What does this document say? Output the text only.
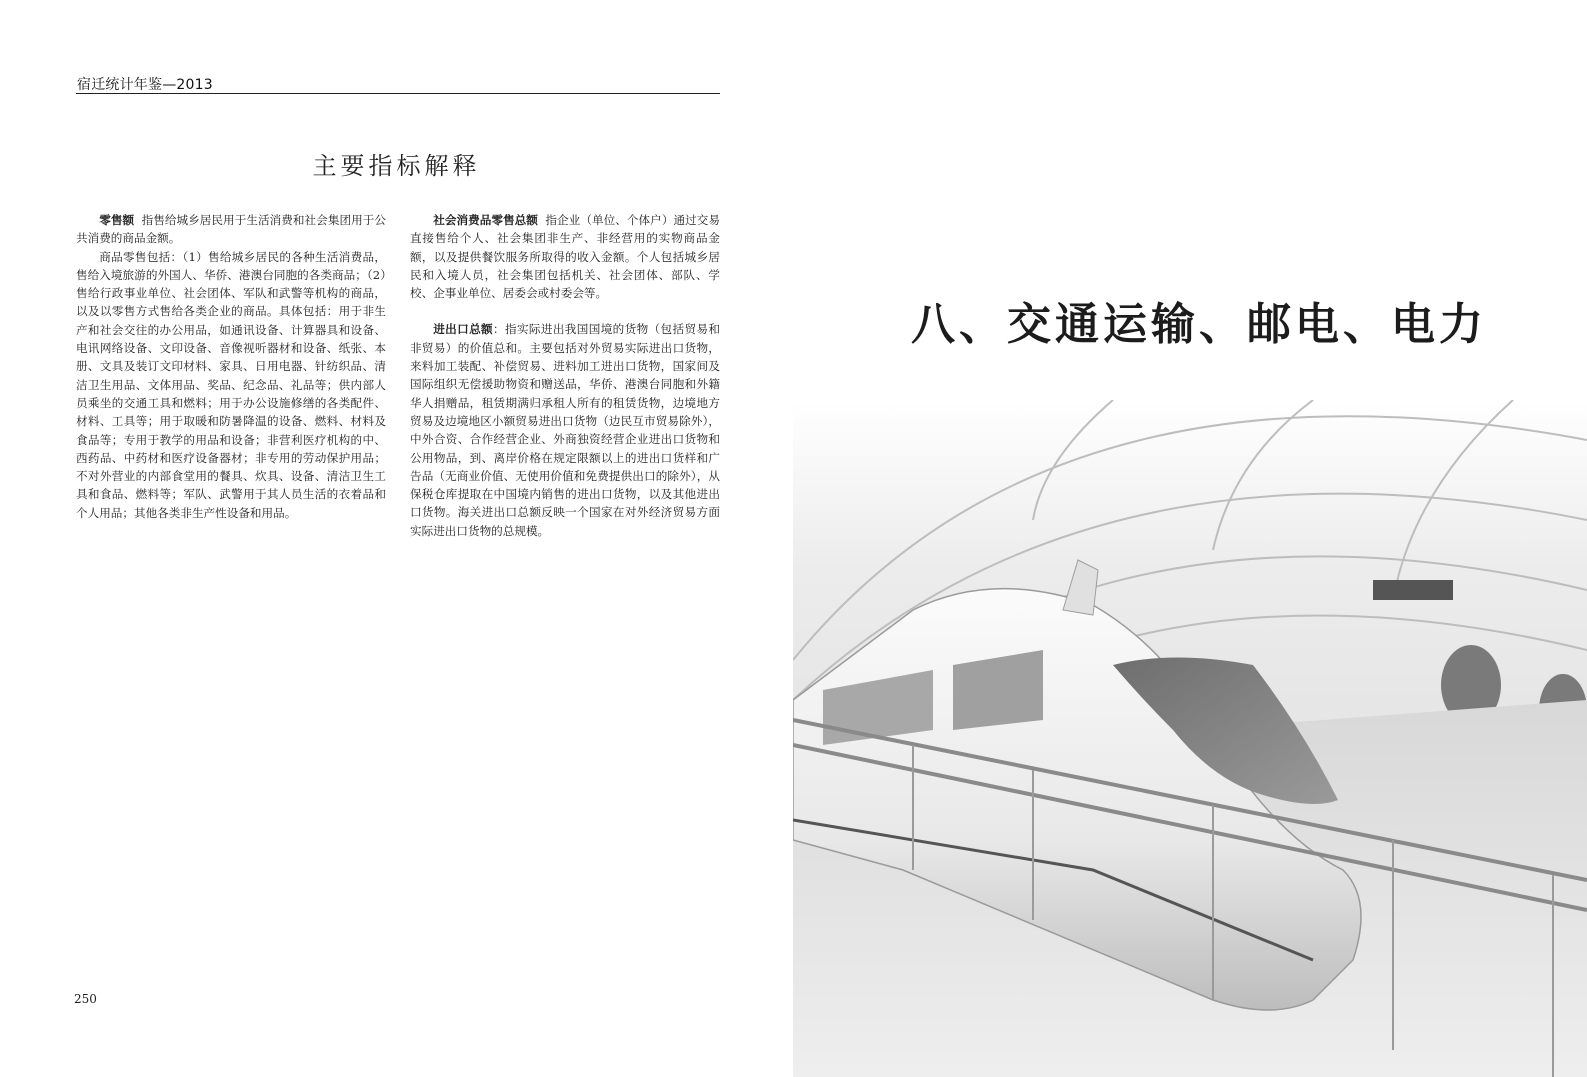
宿迁统计年鉴—2013
主要指标解释

零售额 指售给城乡居民用于生活消费和社会集团用于公共消费的商品金额。

商品零售包括：（1）售给城乡居民的各种生活消费品，售给入境旅游的外国人、华侨、港澳台同胞的各类商品；（2）售给行政事业单位、社会团体、军队和武警等机构的商品，以及以零售方式售给各类企业的商品。具体包括：用于非生产和社会交往的办公用品，如通讯设备、计算器具和设备、电讯网络设备、文印设备、音像视听器材和设备、纸张、本册、文具及装订文印材料、家具、日用电器、针纺织品、清洁卫生用品、文体用品、奖品、纪念品、礼品等；供内部人员乘坐的交通工具和燃料；用于办公设施修缮的各类配件、材料、工具等；用于取暖和防暑降温的设备、燃料、材料及食品等；专用于教学的用品和设备；非营利医疗机构的中、西药品、中药材和医疗设备器材；非专用的劳动保护用品；不对外营业的内部食堂用的餐具、炊具、设备、清洁卫生工具和食品、燃料等；军队、武警用于其人员生活的衣着品和个人用品；其他各类非生产性设备和用品。

社会消费品零售总额 指企业（单位、个体户）通过交易直接售给个人、社会集团非生产、非经营用的实物商品金额，以及提供餐饮服务所取得的收入金额。个人包括城乡居民和入境人员，社会集团包括机关、社会团体、部队、学校、企事业单位、居委会或村委会等。

进出口总额：指实际进出我国国境的货物（包括贸易和非贸易）的价值总和。主要包括对外贸易实际进出口货物，来料加工装配、补偿贸易、进料加工进出口货物，国家间及国际组织无偿援助物资和赠送品，华侨、港澳台同胞和外籍华人捐赠品，租赁期满归承租人所有的租赁货物，边境地方贸易及边境地区小额贸易进出口货物（边民互市贸易除外），中外合资、合作经营企业、外商独资经营企业进出口货物和公用物品，到、离岸价格在规定限额以上的进出口货样和广告品（无商业价值、无使用价值和免费提供出口的除外），从保税仓库提取在中国境内销售的进出口货物，以及其他进出口货物。海关进出口总额反映一个国家在对外经济贸易方面实际进出口货物的总规模。

250
八、交通运输、邮电、电力
